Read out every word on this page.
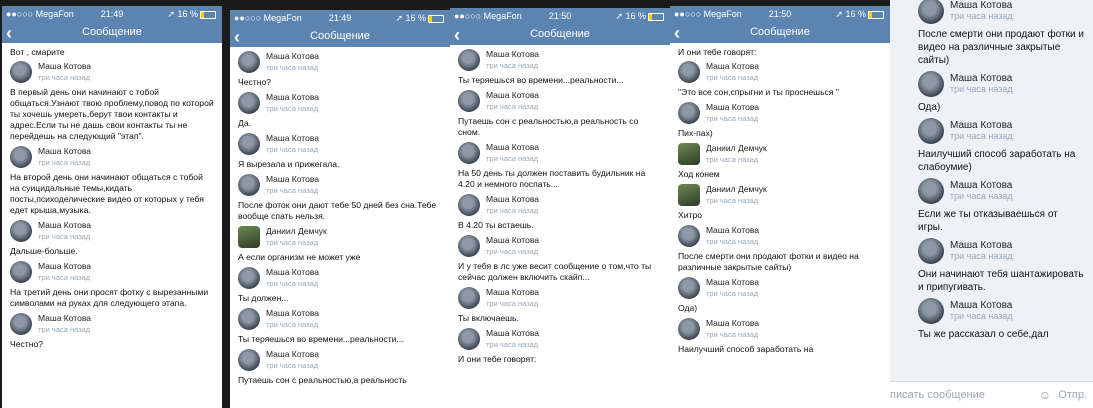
●●○○○ MegaFon	21:49	➚ 16 %
‹	Сообщение
Вот , смарите
Маша Котова
три часа назад
В первый день они начинают с тобой общаться.Узнают твою проблему,повод по которой ты хочешь умереть,берут твои контакты и адрес.Если ты не дашь свои контакты ты не перейдешь на следующий "этап".
Маша Котова
три часа назад
На второй день они начинают общаться с тобой на суицидальные темы,кидать посты,психоделические видео от которых у тебя едет крыша,музыка.
Маша Котова
три часа назад
Дальше-больше.
Маша Котова
три часа назад
На третий день они просят фотку с вырезанными символами на руках для следующего этапа.
Маша Котова
три часа назад
Честно?
●●○○○ MegaFon	21:49	➚ 16 %
‹	Сообщение
Маша Котова
три часа назад
Честно?
Маша Котова
три часа назад
Да.
Маша Котова
три часа назад
Я вырезала и прижегала.
Маша Котова
три часа назад
После фоток они дают тебе 50 дней без сна.Тебе вообще спать нельзя.
Даниил Демчук
три часа назад
А если организм не может уже
Маша Котова
три часа назад
Ты должен...
Маша Котова
три часа назад
Ты теряешься во времени...реальности...
Маша Котова
три часа назад
Путаешь сон с реальностью,а реальность
●●○○○ MegaFon	21:50	➚ 16 %
‹	Сообщение
Маша Котова
три часа назад
Ты теряешься во времени...реальности...
Маша Котова
три часа назад
Путаешь сон с реальностью,а реальность со сном.
Маша Котова
три часа назад
На 50 день ты должен поставить будильник на 4.20 и немного поспать...
Маша Котова
три часа назад
В 4.20 ты встаешь.
Маша Котова
три часа назад
И у тебя в лс уже весит сообщение о том,что ты сейчас должен включить скайп...
Маша Котова
три часа назад
Ты включаешь.
Маша Котова
три часа назад
И они тебе говорят:
●●○○○ MegaFon	21:50	➚ 16 %
‹	Сообщение
И они тебе говорят:
Маша Котова
три часа назад
"Это все сон,спрыгни и ты проснешься "
Маша Котова
три часа назад
Пих-пах)
Даниил Демчук
три часа назад
Ход конем
Даниил Демчук
три часа назад
Хитро
Маша Котова
три часа назад
После смерти они продают фотки и видео на различные закрытые сайты)
Маша Котова
три часа назад
Ода)
Маша Котова
три часа назад
Наилучший способ заработать на
Маша Котова
три часа назад
После смерти они продают фотки и видео на различные закрытые сайты)
Маша Котова
три часа назад
Ода)
Маша Котова
три часа назад
Наилучший способ заработать на слабоумие)
Маша Котова
три часа назад
Если же ты отказываешься от игры.
Маша Котова
три часа назад
Они начинают тебя шантажировать и припугивать.
Маша Котова
три часа назад
Ты же рассказал о себе,дал
писать сообщение	☺ Отпр.
